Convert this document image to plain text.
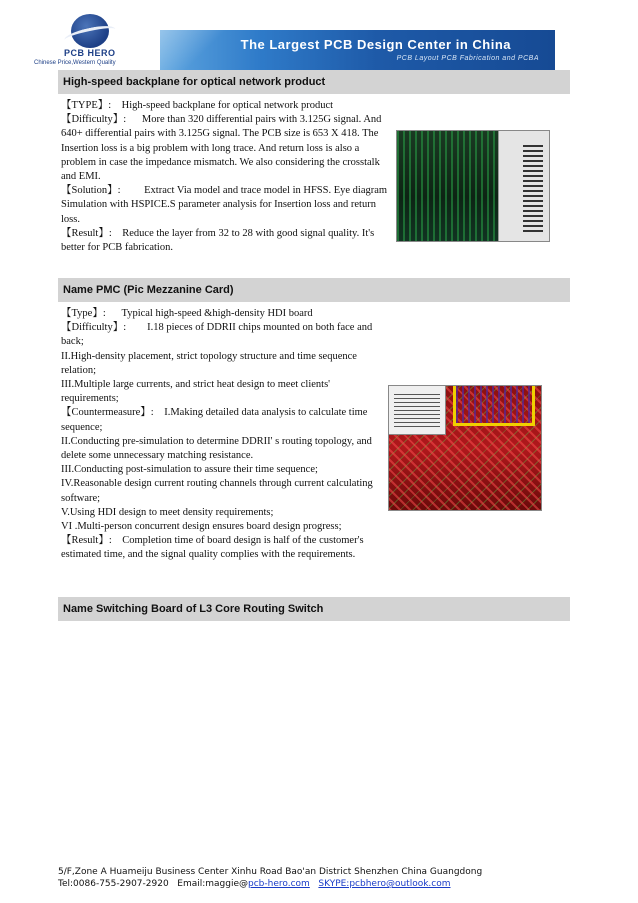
PCB HERO
Chinese Price,Western Quality
The Largest PCB Design Center in China
PCB Layout PCB Fabrication and PCBA
High-speed backplane for optical network product

【TYPE】:    High-speed backplane for optical network product

【Difficulty】:      More than 320 differential pairs with 3.125G signal. And 640+ differential pairs with 3.125G signal. The PCB size is 653 X 418. The Insertion loss is a big problem with long trace. And return loss is also a problem in case the impedance mismatch. We also considering the crosstalk and EMI.

【Solution】:         Extract Via model and trace model in HFSS. Eye diagram Simulation with HSPICE.S parameter analysis for Insertion loss and return loss.

【Result】:    Reduce the layer from 32 to 28 with good signal quality. It's better for PCB fabrication.

Name PMC (Pic Mezzanine Card)

【Type】:      Typical high-speed &high-density HDI board

【Difficulty】:        I.18 pieces of DDRII chips mounted on both face and back;

II.High-density placement, strict topology structure and time sequence relation;

III.Multiple large currents, and strict heat design to meet clients' requirements;

【Countermeasure】:    I.Making detailed data analysis to calculate time sequence;

II.Conducting pre-simulation to determine DDRII' s routing topology, and delete some unnecessary matching resistance.

III.Conducting post-simulation to assure their time sequence;

IV.Reasonable design current routing channels through current calculating software;

V.Using HDI design to meet density requirements;

VI .Multi-person concurrent design ensures board design progress;

【Result】:    Completion time of board design is half of the customer's estimated time, and the signal quality complies with the requirements.

Name Switching Board of L3 Core Routing Switch
5/F,Zone A Huameiju Business Center Xinhu Road Bao'an District Shenzhen China Guangdong
Tel:0086-755-2907-2920 Email:maggie@pcb-hero.com SKYPE:pcbhero@outlook.com
